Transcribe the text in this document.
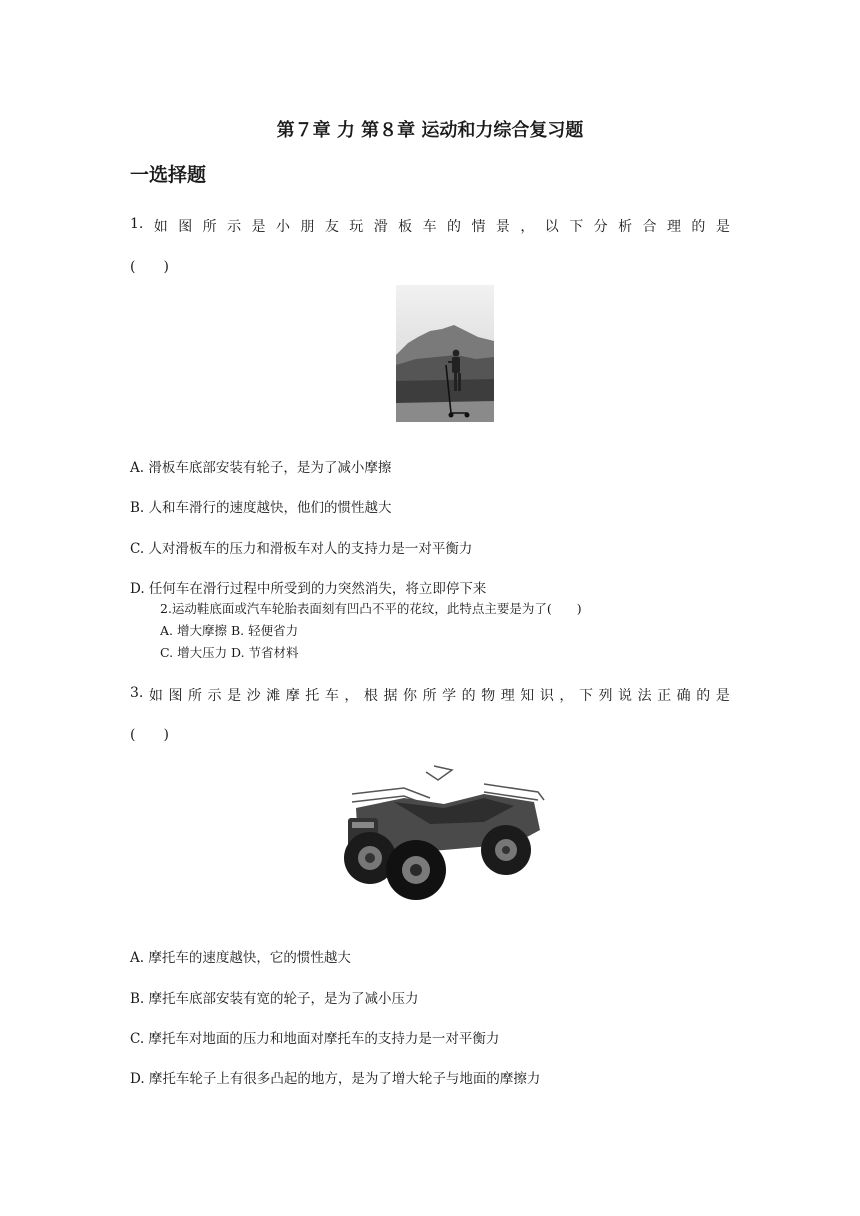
第７章 力 第８章 运动和力综合复习题
一选择题
1. 如 图 所 示 是 小 朋 友 玩 滑 板 车 的 情 景 ， 以 下 分 析 合 理 的 是
(　　)
A. 滑板车底部安装有轮子，是为了减小摩擦
B. 人和车滑行的速度越快，他们的惯性越大
C. 人对滑板车的压力和滑板车对人的支持力是一对平衡力
D. 任何车在滑行过程中所受到的力突然消失，将立即停下来
2.运动鞋底面或汽车轮胎表面刻有凹凸不平的花纹，此特点主要是为了(　　)
A. 增大摩擦 B. 轻便省力
C. 增大压力 D. 节省材料
3. 如 图 所 示 是 沙 滩 摩 托 车 ， 根 据 你 所 学 的 物 理 知 识 ， 下 列 说 法 正 确 的 是
(　　)
A. 摩托车的速度越快，它的惯性越大
B. 摩托车底部安装有宽的轮子，是为了减小压力
C. 摩托车对地面的压力和地面对摩托车的支持力是一对平衡力
D. 摩托车轮子上有很多凸起的地方，是为了增大轮子与地面的摩擦力
